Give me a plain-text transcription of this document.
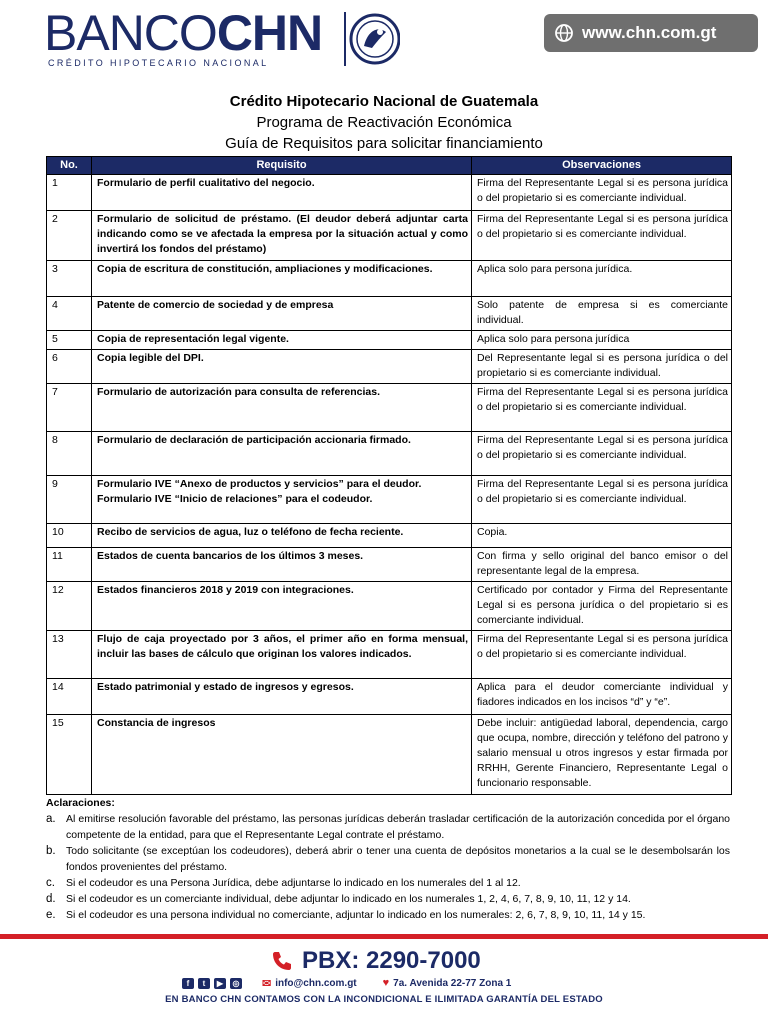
BANCOCHN
CRÉDITO HIPOTECARIO NACIONAL
www.chn.com.gt
Crédito Hipotecario Nacional de Guatemala
Programa de Reactivación Económica
Guía de Requisitos para solicitar financiamiento
No.	Requisito	Observaciones
1	Formulario de perfil cualitativo del negocio.	Firma del Representante Legal si es persona jurídica o del propietario si es comerciante individual.
2	Formulario de solicitud de préstamo. (El deudor deberá adjuntar carta indicando como se ve afectada la empresa por la situación actual y como invertirá los fondos del préstamo)	Firma del Representante Legal si es persona jurídica o del propietario si es comerciante individual.
3	Copia de escritura de constitución, ampliaciones y modificaciones.	Aplica solo para persona jurídica.
4	Patente de comercio de sociedad y de empresa	Solo patente de empresa si es comerciante individual.
5	Copia de representación legal vigente.	Aplica solo para persona jurídica
6	Copia legible del DPI.	Del Representante legal si es persona jurídica o del propietario si es comerciante individual.
7	Formulario de autorización para consulta de referencias.	Firma del Representante Legal si es persona jurídica o del propietario si es comerciante individual.
8	Formulario de declaración de participación accionaria firmado.	Firma del Representante Legal si es persona jurídica o del propietario si es comerciante individual.
9	Formulario IVE “Anexo de productos y servicios” para el deudor.
Formulario IVE “Inicio de relaciones” para el codeudor.	Firma del Representante Legal si es persona jurídica o del propietario si es comerciante individual.
10	Recibo de servicios de agua, luz o teléfono de fecha reciente.	Copia.
11	Estados de cuenta bancarios de los últimos 3 meses.	Con firma y sello original del banco emisor o del representante legal de la empresa.
12	Estados financieros 2018 y 2019 con integraciones.	Certificado por contador y Firma del Representante Legal si es persona jurídica o del propietario si es comerciante individual.
13	Flujo de caja proyectado por 3 años, el primer año en forma mensual, incluir las bases de cálculo que originan los valores indicados.	Firma del Representante Legal si es persona jurídica o del propietario si es comerciante individual.
14	Estado patrimonial y estado de ingresos y egresos.	Aplica para el deudor comerciante individual y fiadores indicados en los incisos “d” y “e”.
15	Constancia de ingresos	Debe incluir: antigüedad laboral, dependencia, cargo que ocupa, nombre, dirección y teléfono del patrono y salario mensual u otros ingresos y estar firmada por RRHH, Gerente Financiero, Representante Legal o funcionario responsable.
Aclaraciones:
a. Al emitirse resolución favorable del préstamo, las personas jurídicas deberán trasladar certificación de la autorización concedida por el órgano competente de la entidad, para que el Representante Legal contrate el préstamo.
b. Todo solicitante (se exceptúan los codeudores), deberá abrir o tener una cuenta de depósitos monetarios a la cual se le desembolsarán los fondos provenientes del préstamo.
c.	Si el codeudor es una Persona Jurídica, debe adjuntarse lo indicado en los numerales del 1 al 12.
d. Si el codeudor es un comerciante individual, debe adjuntar lo indicado en los numerales 1, 2, 4, 6, 7, 8, 9, 10, 11, 12 y 14.
e. Si el codeudor es una persona individual no comerciante, adjuntar lo indicado en los numerales: 2, 6, 7, 8, 9, 10, 11, 14 y 15.
PBX: 2290-7000
f	t	▶	◎ ✉ info@chn.com.gt ♥ 7a. Avenida 22-77 Zona 1
EN BANCO CHN CONTAMOS CON LA INCONDICIONAL E ILIMITADA GARANTÍA DEL ESTADO
